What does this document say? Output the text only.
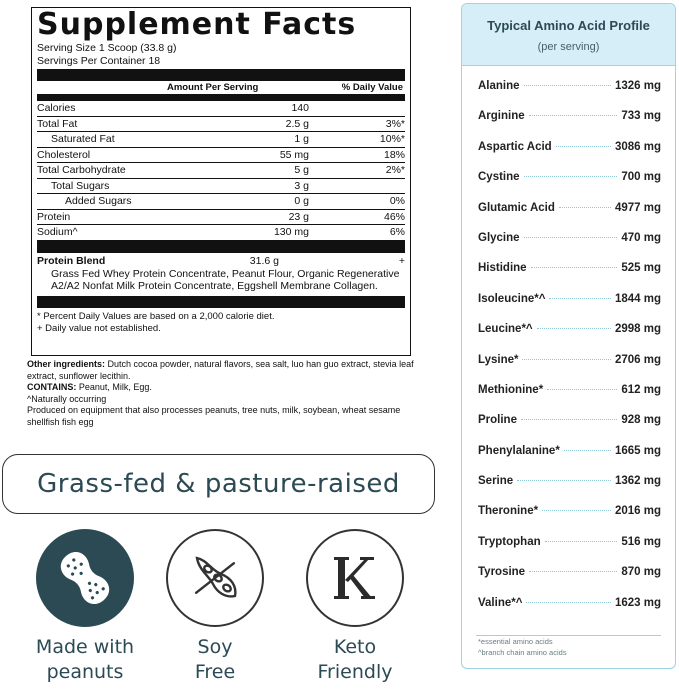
Supplement Facts
Serving Size 1 Scoop (33.8 g)
Servings Per Container 18
Amount Per Serving	% Daily Value
Calories	140
Total Fat	2.5 g	3%*
Saturated Fat	1 g	10%*
Cholesterol	55 mg	18%
Total Carbohydrate	5 g	2%*
Total Sugars	3 g
Added Sugars	0 g	0%
Protein	23 g	46%
Sodium^	130 mg	6%
Protein Blend	31.6 g	+
Grass Fed Whey Protein Concentrate, Peanut Flour, Organic Regenerative A2/A2 Nonfat Milk Protein Concentrate, Eggshell Membrane Collagen.
* Percent Daily Values are based on a 2,000 calorie diet.
+ Daily value not established.
Other ingredients: Dutch cocoa powder, natural flavors, sea salt, luo han guo extract, stevia leaf extract, sunflower lecithin.
CONTAINS: Peanut, Milk, Egg.
^Naturally occurring
Produced on equipment that also processes peanuts, tree nuts, milk, soybean, wheat sesame shellfish fish egg
Grass-fed & pasture-raised
Made with
peanuts
Soy
Free
Keto
Friendly
Typical Amino Acid Profile
(per serving)
Alanine	1326 mg
Arginine	733 mg
Aspartic Acid	3086 mg
Cystine	700 mg
Glutamic Acid	4977 mg
Glycine	470 mg
Histidine	525 mg
Isoleucine*^	1844 mg
Leucine*^	2998 mg
Lysine*	2706 mg
Methionine*	612 mg
Proline	928 mg
Phenylalanine*	1665 mg
Serine	1362 mg
Theronine*	2016 mg
Tryptophan	516 mg
Tyrosine	870 mg
Valine*^	1623 mg
*essential amino acids
^branch chain amino acids
